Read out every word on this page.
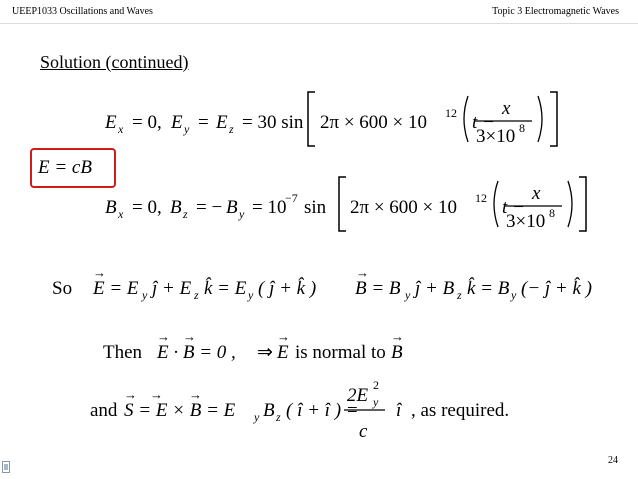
UEEP1033 Oscillations and Waves	Topic 3 Electromagnetic Waves
Solution (continued)
E x = 0, E y = E z = 30 sin 2π × 600 × 10 12 t −
x
3×10 8
E = cB
B x = 0, B z = − B y = 10
−7 sin 2π × 600 × 10 12 t −
x
3×10 8
So E = E
→
y ĵ + E z k̂ = E y ( ĵ + k̂ ) B = B
→
y ĵ + B z k̂ = B y (− ĵ + k̂ )
Then E · B = 0 ,
→ →
⇒ E
→
is normal to B
→
and S = E × B = E
→ → →
y B z ( î + î ) =
2E 2
y
c
î , as required.
24
